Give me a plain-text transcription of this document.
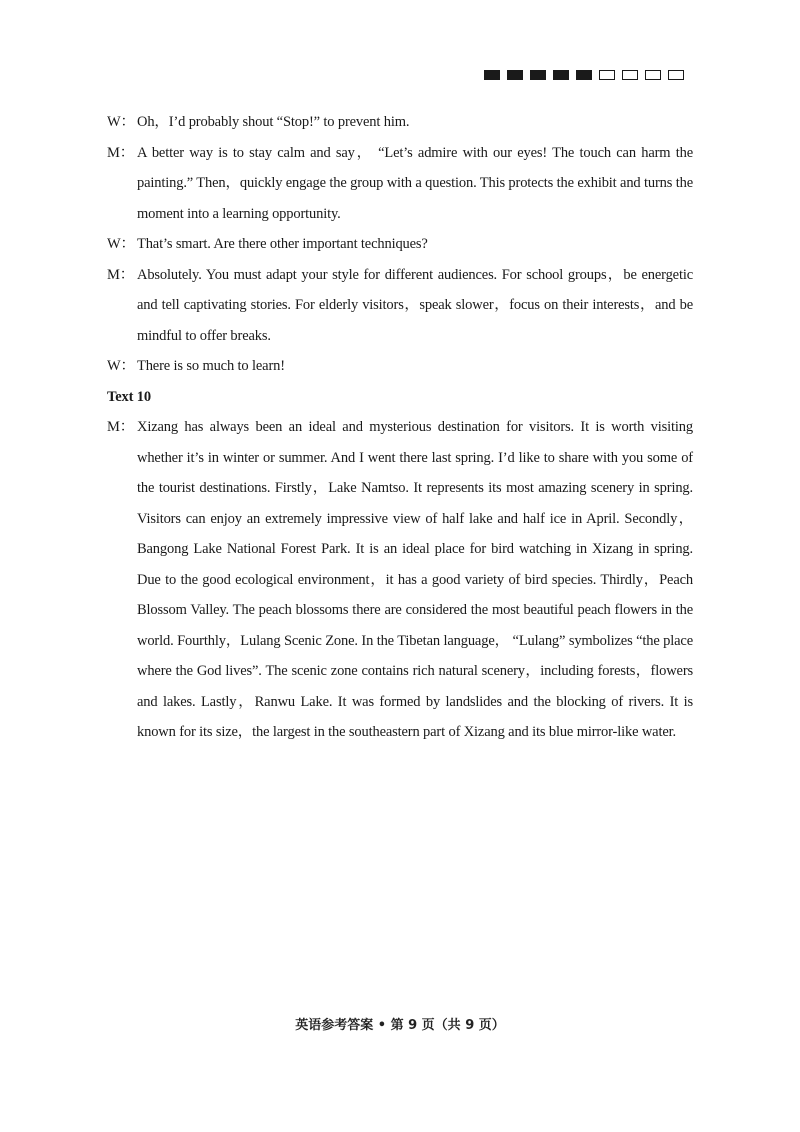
W： Oh，I’d probably shout “Stop!” to prevent him.

M： A better way is to stay calm and say， “Let’s admire with our eyes! The touch can harm the painting.” Then，quickly engage the group with a question. This protects the exhibit and turns the moment into a learning opportunity.

W： That’s smart. Are there other important techniques?

M： Absolutely. You must adapt your style for different audiences. For school groups，be energetic and tell captivating stories. For elderly visitors，speak slower，focus on their interests，and be mindful to offer breaks.

W： There is so much to learn!

Text 10

M： Xizang has always been an ideal and mysterious destination for visitors. It is worth visiting whether it’s in winter or summer. And I went there last spring. I’d like to share with you some of the tourist destinations. Firstly，Lake Namtso. It represents its most amazing scenery in spring. Visitors can enjoy an extremely impressive view of half lake and half ice in April. Secondly，Bangong Lake National Forest Park. It is an ideal place for bird watching in Xizang in spring. Due to the good ecological environment，it has a good variety of bird species. Thirdly，Peach Blossom Valley. The peach blossoms there are considered the most beautiful peach flowers in the world. Fourthly，Lulang Scenic Zone. In the Tibetan language， “Lulang” symbolizes “the place where the God lives”. The scenic zone contains rich natural scenery，including forests，flowers and lakes. Lastly，Ranwu Lake. It was formed by landslides and the blocking of rivers. It is known for its size，the largest in the southeastern part of Xizang and its blue mirror-like water.

英语参考答案 • 第 9 页（共 9 页）
